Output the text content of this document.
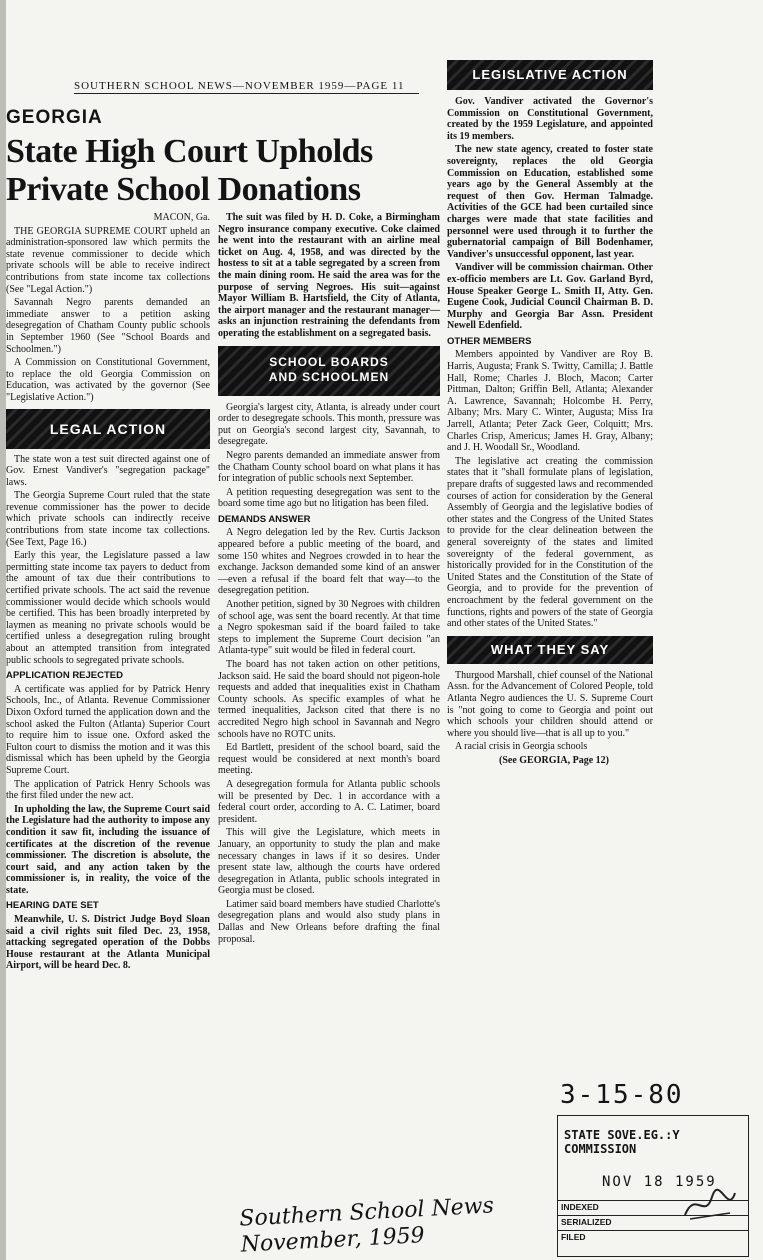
SOUTHERN SCHOOL NEWS—NOVEMBER 1959—PAGE 11
GEORGIA
State High Court Upholds
Private School Donations

MACON, Ga.

THE GEORGIA SUPREME COURT upheld an administration-sponsored law which permits the state revenue commissioner to decide which private schools will be able to receive indirect contributions from state income tax collections (See "Legal Action.")

Savannah Negro parents demanded an immediate answer to a petition asking desegregation of Chatham County public schools in September 1960 (See "School Boards and Schoolmen.")

A Commission on Constitutional Government, to replace the old Georgia Commission on Education, was activated by the governor (See "Legislative Action.")

LEGAL ACTION

The state won a test suit directed against one of Gov. Ernest Vandiver's "segregation package" laws.

The Georgia Supreme Court ruled that the state revenue commissioner has the power to decide which private schools can indirectly receive contributions from state income tax collections. (See Text, Page 16.)

Early this year, the Legislature passed a law permitting state income tax payers to deduct from the amount of tax due their contributions to certified private schools. The act said the revenue commissioner would decide which schools would be certified. This has been broadly interpreted by laymen as meaning no private schools would be certified unless a desegregation ruling brought about an attempted transition from integrated public schools to segregated private schools.

APPLICATION REJECTED

A certificate was applied for by Patrick Henry Schools, Inc., of Atlanta. Revenue Commissioner Dixon Oxford turned the application down and the school asked the Fulton (Atlanta) Superior Court to require him to issue one. Oxford asked the Fulton court to dismiss the motion and it was this dismissal which has been upheld by the Georgia Supreme Court.

The application of Patrick Henry Schools was the first filed under the new act.

In upholding the law, the Supreme Court said the Legislature had the authority to impose any condition it saw fit, including the issuance of certificates at the discretion of the revenue commissioner. The discretion is absolute, the court said, and any action taken by the commissioner is, in reality, the voice of the state.

HEARING DATE SET

Meanwhile, U. S. District Judge Boyd Sloan said a civil rights suit filed Dec. 23, 1958, attacking segregated operation of the Dobbs House restaurant at the Atlanta Municipal Airport, will be heard Dec. 8.

The suit was filed by H. D. Coke, a Birmingham Negro insurance company executive. Coke claimed he went into the restaurant with an airline meal ticket on Aug. 4, 1958, and was directed by the hostess to sit at a table segregated by a screen from the main dining room. He said the area was for the purpose of serving Negroes. His suit—against Mayor William B. Hartsfield, the City of Atlanta, the airport manager and the restaurant manager—asks an injunction restraining the defendants from operating the establishment on a segregated basis.

SCHOOL BOARDS AND SCHOOLMEN

Georgia's largest city, Atlanta, is already under court order to desegregate schools. This month, pressure was put on Georgia's second largest city, Savannah, to desegregate.

Negro parents demanded an immediate answer from the Chatham County school board on what plans it has for integration of public schools next September.

A petition requesting desegregation was sent to the board some time ago but no litigation has been filed.

DEMANDS ANSWER

A Negro delegation led by the Rev. Curtis Jackson appeared before a public meeting of the board, and some 150 whites and Negroes crowded in to hear the exchange. Jackson demanded some kind of an answer—even a refusal if the board felt that way—to the desegregation petition.

Another petition, signed by 30 Negroes with children of school age, was sent the board recently. At that time a Negro spokesman said if the board failed to take steps to implement the Supreme Court decision "an Atlanta-type" suit would be filed in federal court.

The board has not taken action on other petitions, Jackson said. He said the board should not pigeon-hole requests and added that inequalities exist in Chatham County schools. As specific examples of what he termed inequalities, Jackson cited that there is no accredited Negro high school in Savannah and Negro schools have no ROTC units.

Ed Bartlett, president of the school board, said the request would be considered at next month's board meeting.

A desegregation formula for Atlanta public schools will be presented by Dec. 1 in accordance with a federal court order, according to A. C. Latimer, board president.

This will give the Legislature, which meets in January, an opportunity to study the plan and make necessary changes in laws if it so desires. Under present state law, although the courts have ordered desegregation in Atlanta, public schools integrated in Georgia must be closed.

Latimer said board members have studied Charlotte's desegregation plans and would also study plans in Dallas and New Orleans before drafting the final proposal.

LEGISLATIVE ACTION

Gov. Vandiver activated the Governor's Commission on Constitutional Government, created by the 1959 Legislature, and appointed its 19 members.

The new state agency, created to foster state sovereignty, replaces the old Georgia Commission on Education, established some years ago by the General Assembly at the request of then Gov. Herman Talmadge. Activities of the GCE had been curtailed since charges were made that state facilities and personnel were used through it to further the gubernatorial campaign of Bill Bodenhamer, Vandiver's unsuccessful opponent, last year.

Vandiver will be commission chairman. Other ex-officio members are Lt. Gov. Garland Byrd, House Speaker George L. Smith II, Atty. Gen. Eugene Cook, Judicial Council Chairman B. D. Murphy and Georgia Bar Assn. President Newell Edenfield.

OTHER MEMBERS

Members appointed by Vandiver are Roy B. Harris, Augusta; Frank S. Twitty, Camilla; J. Battle Hall, Rome; Charles J. Bloch, Macon; Carter Pittman, Dalton; Griffin Bell, Atlanta; Alexander A. Lawrence, Savannah; Holcombe H. Perry, Albany; Mrs. Mary C. Winter, Augusta; Miss Ira Jarrell, Atlanta; Peter Zack Geer, Colquitt; Mrs. Charles Crisp, Americus; James H. Gray, Albany; and J. H. Woodall Sr., Woodland.

The legislative act creating the commission states that it "shall formulate plans of legislation, prepare drafts of suggested laws and recommended courses of action for consideration by the General Assembly of Georgia and the legislative bodies of other states and the Congress of the United States to provide for the clear delineation between the general sovereignty of the states and limited sovereignty of the federal government, as historically provided for in the Constitution of the United States and the Constitution of the State of Georgia, and to provide for the prevention of encroachment by the federal government on the functions, rights and powers of the state of Georgia and other states of the United States."

WHAT THEY SAY

Thurgood Marshall, chief counsel of the National Assn. for the Advancement of Colored People, told Atlanta Negro audiences the U. S. Supreme Court is "not going to come to Georgia and point out which schools your children should attend or where you should live—that is all up to you."

A racial crisis in Georgia schools

(See GEORGIA, Page 12)

3-15-80
STATE SOVE.EG.:Y COMMISSION
NOV 18 1959
INDEXED
SERIALIZED
FILED
Southern School News
November, 1959
